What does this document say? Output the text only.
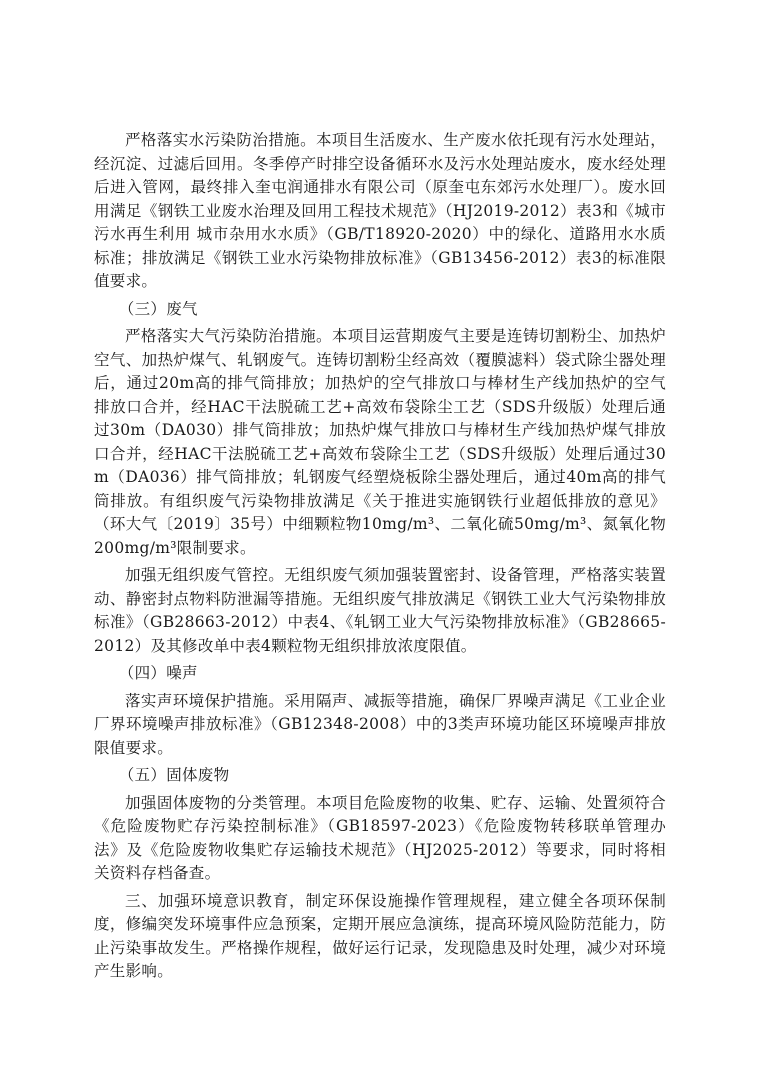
严格落实水污染防治措施。本项目生活废水、生产废水依托现有污水处理站，经沉淀、过滤后回用。冬季停产时排空设备循环水及污水处理站废水，废水经处理后进入管网，最终排入奎屯润通排水有限公司（原奎屯东郊污水处理厂）。废水回用满足《钢铁工业废水治理及回用工程技术规范》（HJ2019-2012）表3和《城市污水再生利用 城市杂用水水质》（GB/T18920-2020）中的绿化、道路用水水质标准；排放满足《钢铁工业水污染物排放标准》（GB13456-2012）表3的标准限值要求。

（三）废气

严格落实大气污染防治措施。本项目运营期废气主要是连铸切割粉尘、加热炉空气、加热炉煤气、轧钢废气。连铸切割粉尘经高效（覆膜滤料）袋式除尘器处理后，通过20m高的排气筒排放；加热炉的空气排放口与棒材生产线加热炉的空气排放口合并，经HAC干法脱硫工艺+高效布袋除尘工艺（SDS升级版）处理后通过30m（DA030）排气筒排放；加热炉煤气排放口与棒材生产线加热炉煤气排放口合并，经HAC干法脱硫工艺+高效布袋除尘工艺（SDS升级版）处理后通过30m（DA036）排气筒排放；轧钢废气经塑烧板除尘器处理后，通过40m高的排气筒排放。有组织废气污染物排放满足《关于推进实施钢铁行业超低排放的意见》（环大气〔2019〕35号）中细颗粒物10mg/m³、二氧化硫50mg/m³、氮氧化物200mg/m³限制要求。

加强无组织废气管控。无组织废气须加强装置密封、设备管理，严格落实装置动、静密封点物料防泄漏等措施。无组织废气排放满足《钢铁工业大气污染物排放标准》（GB28663-2012）中表4、《轧钢工业大气污染物排放标准》（GB28665-2012）及其修改单中表4颗粒物无组织排放浓度限值。

（四）噪声

落实声环境保护措施。采用隔声、减振等措施，确保厂界噪声满足《工业企业厂界环境噪声排放标准》（GB12348-2008）中的3类声环境功能区环境噪声排放限值要求。

（五）固体废物

加强固体废物的分类管理。本项目危险废物的收集、贮存、运输、处置须符合《危险废物贮存污染控制标准》（GB18597-2023）《危险废物转移联单管理办法》及《危险废物收集贮存运输技术规范》（HJ2025-2012）等要求，同时将相关资料存档备查。

三、加强环境意识教育，制定环保设施操作管理规程，建立健全各项环保制度，修编突发环境事件应急预案，定期开展应急演练，提高环境风险防范能力，防止污染事故发生。严格操作规程，做好运行记录，发现隐患及时处理，减少对环境产生影响。
